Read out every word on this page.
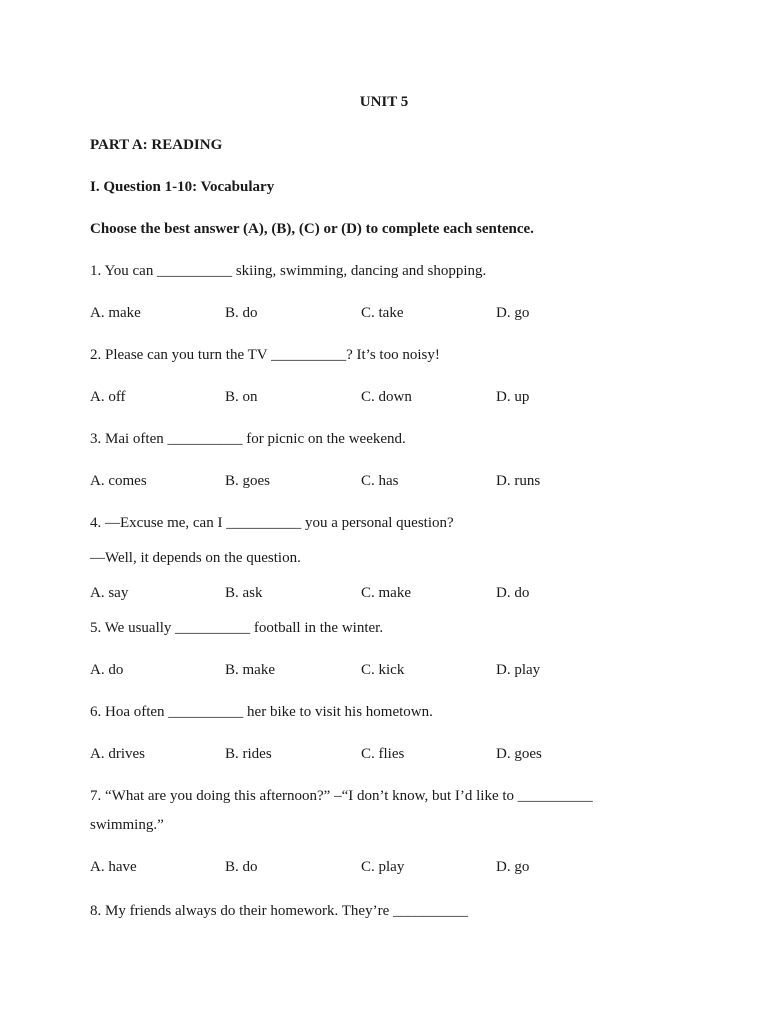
UNIT 5
PART A: READING
I. Question 1-10: Vocabulary
Choose the best answer (A), (B), (C) or (D) to complete each sentence.
1. You can __________ skiing, swimming, dancing and shopping.
A. make	B. do	C. take	D. go
2. Please can you turn the TV __________? It’s too noisy!
A. off	B. on	C. down	D. up
3. Mai often __________ for picnic on the weekend.
A. comes	B. goes	C. has	D. runs
4. —Excuse me, can I __________ you a personal question?
—Well, it depends on the question.
A. say	B. ask	C. make	D. do
5. We usually __________ football in the winter.
A. do	B. make	C. kick	D. play
6. Hoa often __________ her bike to visit his hometown.
A. drives	B. rides	C. flies	D. goes
7. “What are you doing this afternoon?” –“I don’t know, but I’d like to __________
swimming.”
A. have	B. do	C. play	D. go
8. My friends always do their homework. They’re __________
